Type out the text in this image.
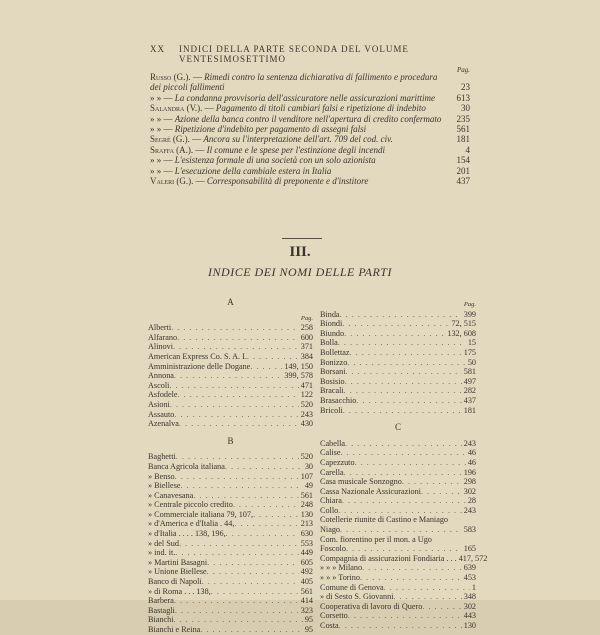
XX INDICI DELLA PARTE SECONDA DEL VOLUME VENTESIMOSETTIMO
Pag.
Russo (G.). — Rimedi contro la sentenza dichiarativa di fallimento e procedura dei piccoli fallimenti	23
» » — La condanna provvisoria dell'assicuratore nelle assicurazioni marittime 613
Salandra (V.). — Pagamento di titoli cambiari falsi e ripetizione di indebito	30
» » — Azione della banca contro il venditore nell'apertura di credito confermato 235
» » — Ripetizione d'indebito per pagamento di assegni falsi	561
Segré (G.). — Ancora su l'interpretazione dell'art. 709 del cod. civ.	181
Sraffa (A.). — Il comune e le spese per l'estinzione degli incendi	4
» » — L'esistenza formale di una società con un solo azionista	154
» » — L'esecuzione della cambiale estera in Italia	201
Valeri (G.). — Corresponsabilità di preponente e d'institore	437
III.
INDICE DEI NOMI DELLE PARTI
A
Pag.
Alberti . . .	258
Alfarano . . .	600
Alinovi . . .	371
American Express Co. S. A. I. . . .	384
Amministrazione delle Dogane . . .	149, 150
Annona . . .	399, 578
Ascoli . . .	471
Asfodele . . .	122
Asioni . . .	520
Assauto . . .	243
Azenalva . . .	430
B
Baghetti . . .	520
Banca Agricola italiana . . .	30
» Benso . . .	107
» Biellese . . .	49
» Canavesana . . .	561
» Centrale piccolo credito . . .	248
» Commerciale italiana 79, 107, . . .	130
» d'America e d'Italia . 44, . . .	213
» d'Italia . . . . 138, 196, . . .	630
» del Sud . . .	553
» ind. it. . . .	449
» Martini Basagni . . .	605
» Unione Biellese . . .	492
Banco di Napoli . . .	405
» di Roma . . . 138, . . .	561
Barbera . . .	414
Bastagli . . .	323
Bianchi . . .	95
Bianchi e Reina . . .	95
Pag.
Binda . . .	399
Biondi . . .	72, 515
Biundo . . .	132, 608
Bolla . . .	15
Bollettaz . . .	175
Bonizzo . . .	50
Borsani . . .	581
Bosisio . . .	497
Bracali . . .	282
Brasacchio . . .	437
Bricoli . . .	181
C
Cabella . . .	243
Calise . . .	46
Capezzuto . . .	46
Carella . . .	196
Casa musicale Sonzogno . . .	298
Cassa Nazionale Assicurazioni . . .	302
Chiara . . .	28
Collo . . .	243
Cotellerie riunite di Castino e Maniago
Niago . . .	583
Com. fiorentino per il mon. a Ugo
Foscolo . . .	165
Compagnia di assicurazioni Fondiaria . . . 417, 572
» » » Milano . . .	639
» » » Torino . . .	453
Comune di Genova . . .	1
» di Sesto S. Giovanni . . .	348
Cooperativa di lavoro di Quero . . .	302
Corsetto . . .	443
Costa . . .	130
